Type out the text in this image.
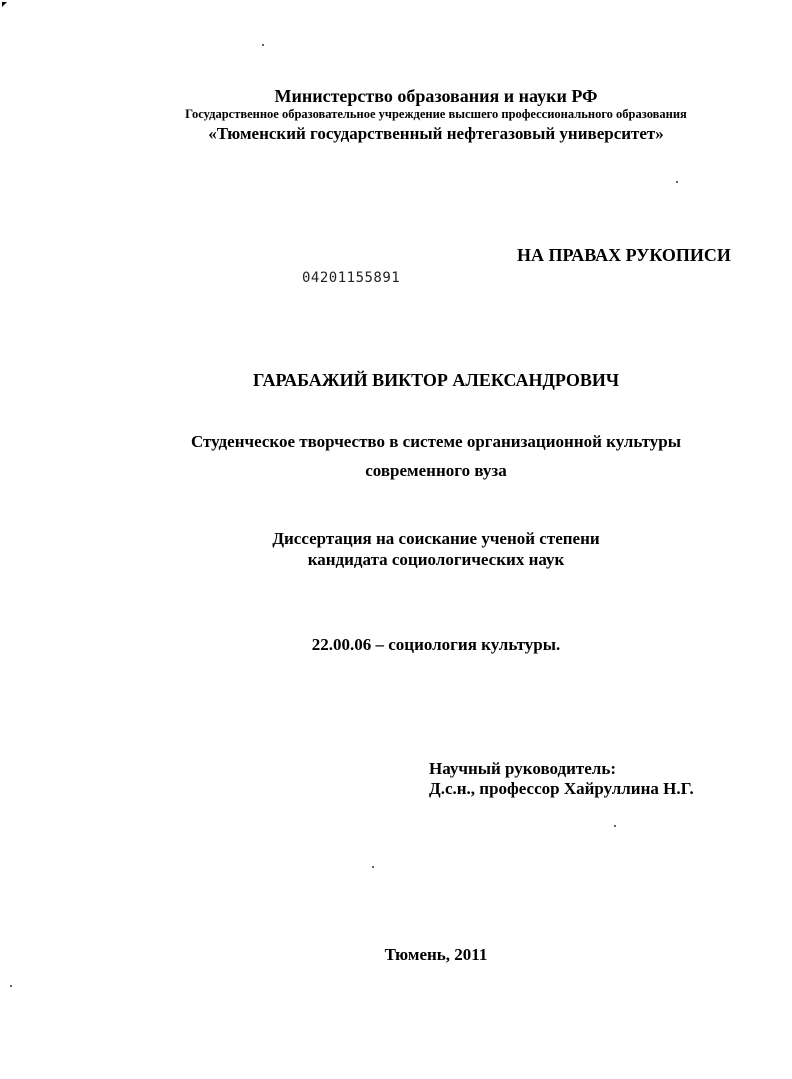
Министерство образования и науки РФ
Государственное образовательное учреждение высшего профессионального образования
«Тюменский государственный нефтегазовый университет»
НА ПРАВАХ РУКОПИСИ
04201155891
ГАРАБАЖИЙ ВИКТОР АЛЕКСАНДРОВИЧ
Студенческое творчество в системе организационной культуры
современного вуза
Диссертация на соискание ученой степени
кандидата социологических наук
22.00.06 – социология культуры.
Научный руководитель:
Д.с.н., профессор Хайруллина Н.Г.
Тюмень, 2011
